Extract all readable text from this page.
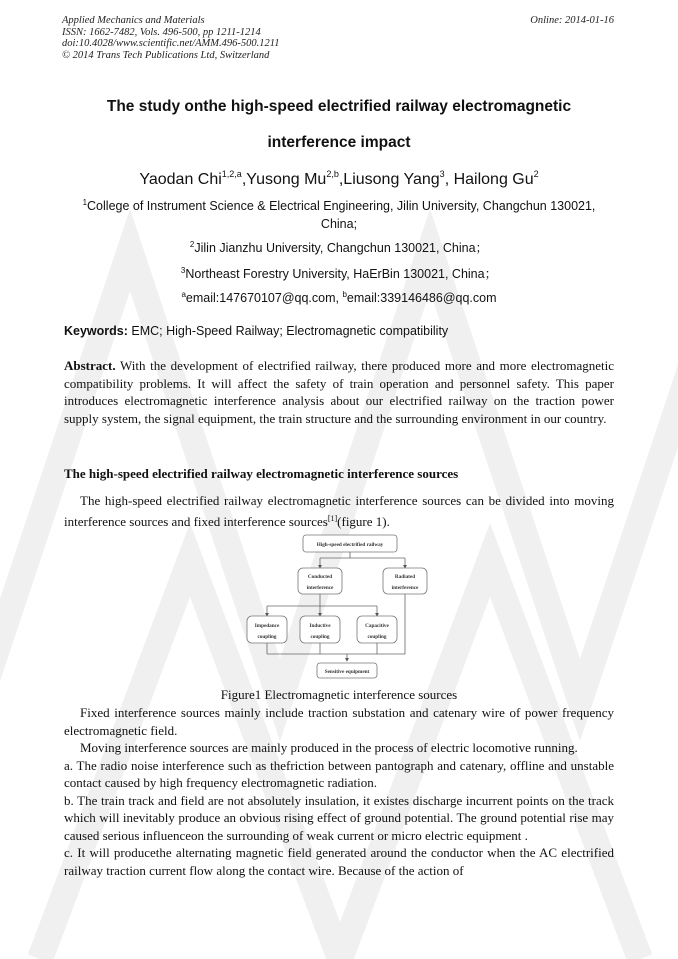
Applied Mechanics and Materials
ISSN: 1662-7482, Vols. 496-500, pp 1211-1214
doi:10.4028/www.scientific.net/AMM.496-500.1211
© 2014 Trans Tech Publications Ltd, Switzerland
Online: 2014-01-16
The study onthe high-speed electrified railway electromagnetic
interference impact
Yaodan Chi$^{1,2,a}$,Yusong Mu$^{2,b}$,Liusong Yang$^3$, Hailong Gu$^2$
$^1$College of Instrument Science & Electrical Engineering, Jilin University, Changchun 130021,
China;
$^2$Jilin Jianzhu University, Changchun 130021, China；
$^3$Northeast Forestry University, HaErBin 130021, China；
$^a$email:147670107@qq.com, $^b$email:339146486@qq.com
Keywords: EMC; High-Speed Railway; Electromagnetic compatibility
Abstract. With the development of electrified railway, there produced more and more electromagnetic compatibility problems. It will affect the safety of train operation and personnel safety. This paper introduces electromagnetic interference analysis about our electrified railway on the traction power supply system, the signal equipment, the train structure and the surrounding environment in our country.
The high-speed electrified railway electromagnetic interference sources
The high-speed electrified railway electromagnetic interference sources can be divided into moving interference sources and fixed interference sources[1](figure 1).
High-speed electrified railway
Conducted
interference
Radiated
interference
Impedance
coupling
Inductive
coupling
Capacitive
coupling
Sensitive equipment
Figure1 Electromagnetic interference sources

Fixed interference sources mainly include traction substation and catenary wire of power frequency electromagnetic field.

Moving interference sources are mainly produced in the process of electric locomotive running.

a. The radio noise interference such as thefriction between pantograph and catenary, offline and unstable contact caused by high frequency electromagnetic radiation.

b. The train track and field are not absolutely insulation, it existes discharge incurrent points on the track which will inevitably produce an obvious rising effect of ground potential. The ground potential rise may caused serious influenceon the surrounding of weak current or micro electric equipment .

c. It will producethe alternating magnetic field generated around the conductor when the AC electrified railway traction current flow along the contact wire. Because of the action of
